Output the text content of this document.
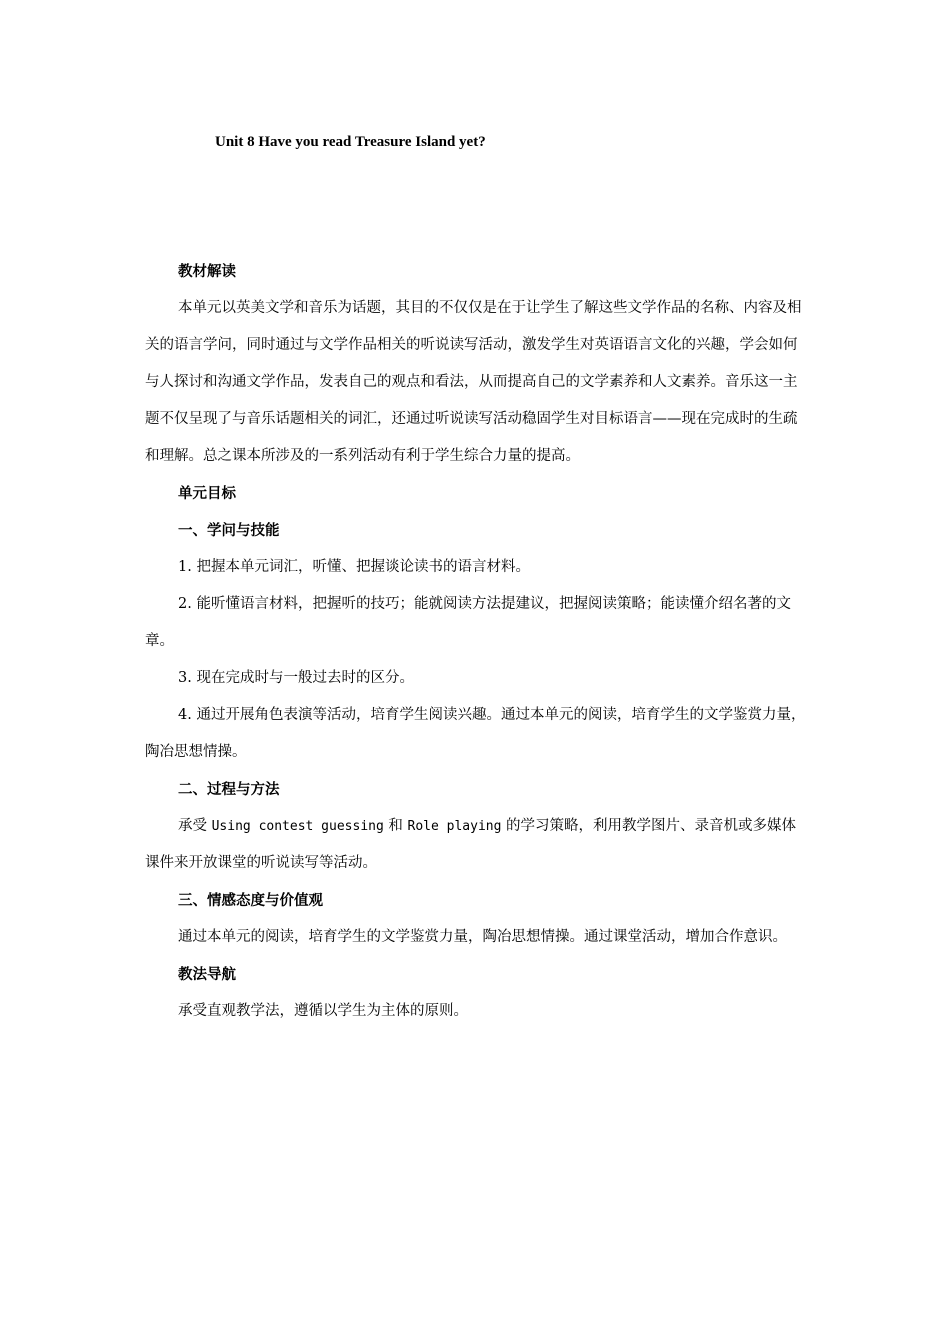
Unit 8 Have you read Treasure Island yet?

教材解读

本单元以英美文学和音乐为话题，其目的不仅仅是在于让学生了解这些文学作品的名称、内容及相关的语言学问，同时通过与文学作品相关的听说读写活动，激发学生对英语语言文化的兴趣，学会如何与人探讨和沟通文学作品，发表自己的观点和看法，从而提高自己的文学素养和人文素养。音乐这一主题不仅呈现了与音乐话题相关的词汇，还通过听说读写活动稳固学生对目标语言——现在完成时的生疏和理解。总之课本所涉及的一系列活动有利于学生综合力量的提高。

单元目标

一、学问与技能

1. 把握本单元词汇，听懂、把握谈论读书的语言材料。

2. 能听懂语言材料，把握听的技巧；能就阅读方法提建议，把握阅读策略；能读懂介绍名著的文章。

3. 现在完成时与一般过去时的区分。

4. 通过开展角色表演等活动，培育学生阅读兴趣。通过本单元的阅读，培育学生的文学鉴赏力量，陶冶思想情操。

二、过程与方法

承受 Using contest guessing 和 Role playing 的学习策略，利用教学图片、录音机或多媒体课件来开放课堂的听说读写等活动。

三、情感态度与价值观

通过本单元的阅读，培育学生的文学鉴赏力量，陶冶思想情操。通过课堂活动，增加合作意识。

教法导航

承受直观教学法，遵循以学生为主体的原则。
